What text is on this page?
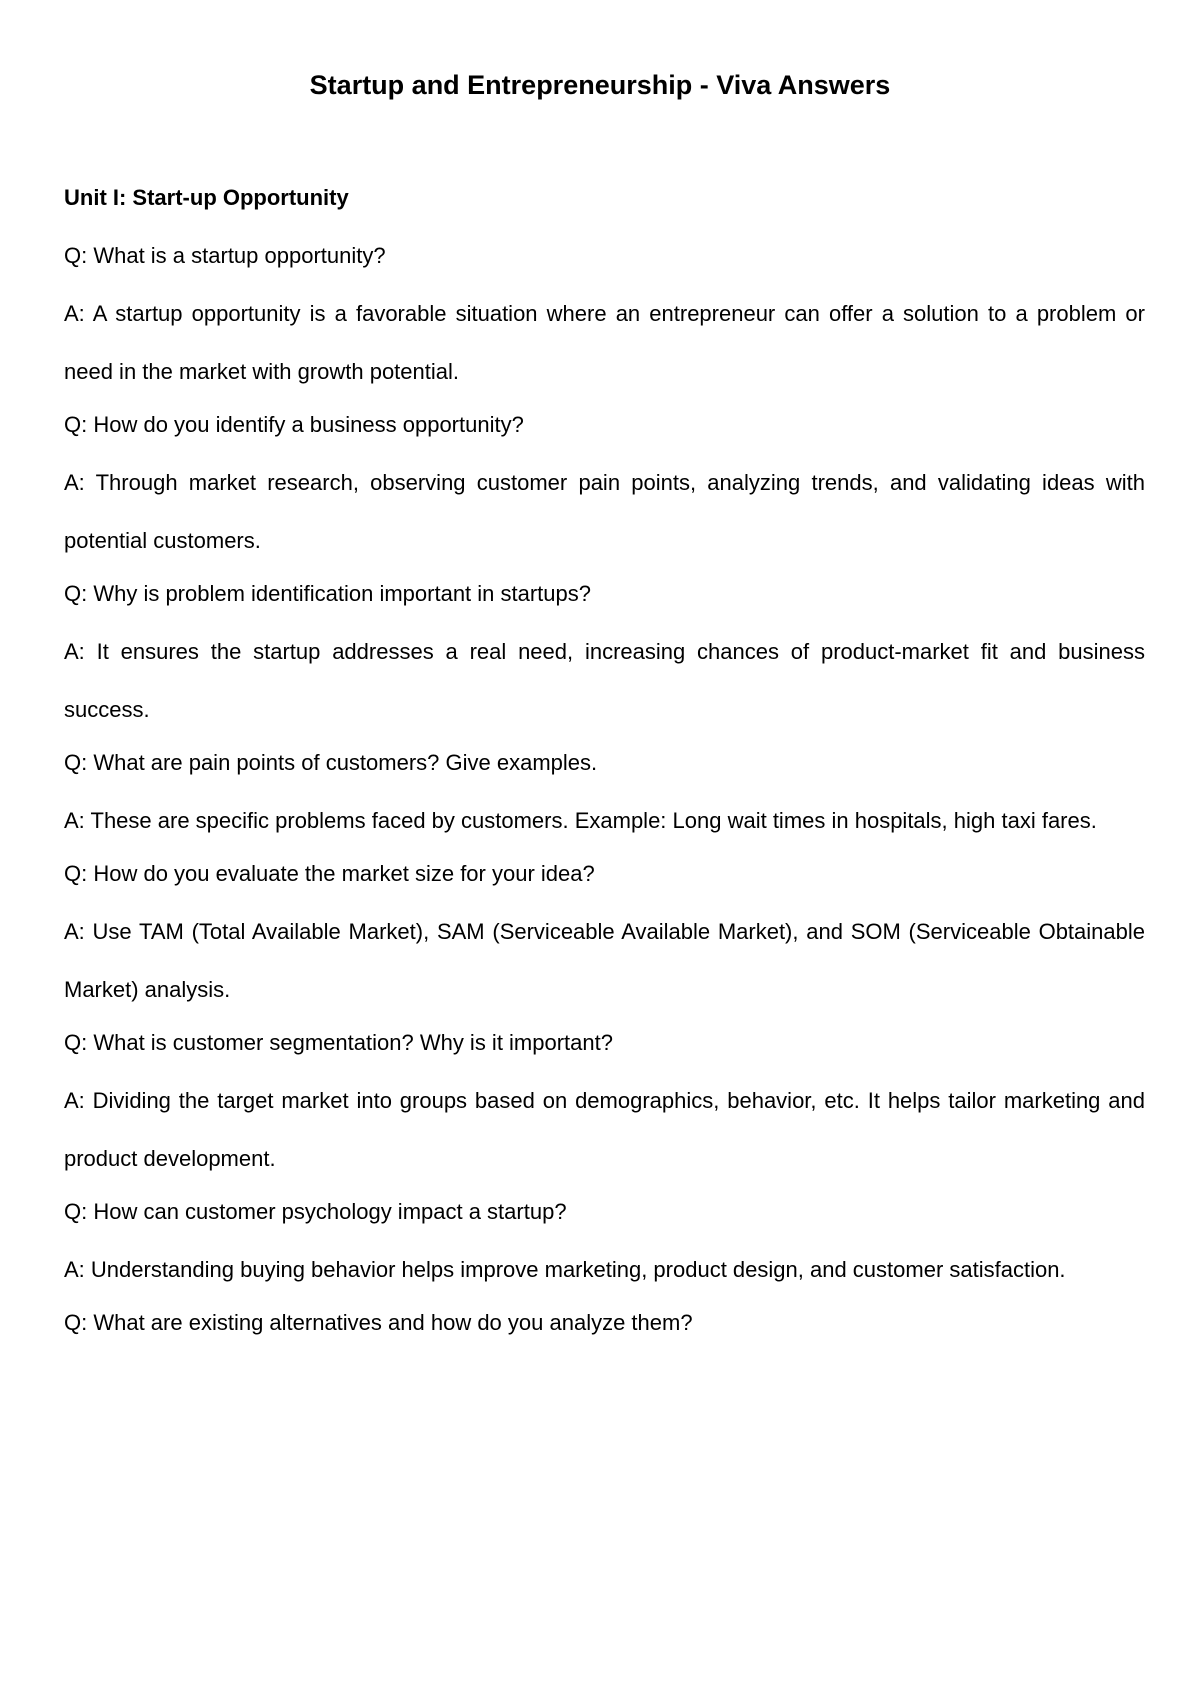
Startup and Entrepreneurship - Viva Answers
Unit I: Start-up Opportunity

Q: What is a startup opportunity?

A: A startup opportunity is a favorable situation where an entrepreneur can offer a solution to a problem or need in the market with growth potential.

Q: How do you identify a business opportunity?

A: Through market research, observing customer pain points, analyzing trends, and validating ideas with potential customers.

Q: Why is problem identification important in startups?

A: It ensures the startup addresses a real need, increasing chances of product-market fit and business success.

Q: What are pain points of customers? Give examples.

A: These are specific problems faced by customers. Example: Long wait times in hospitals, high taxi fares.

Q: How do you evaluate the market size for your idea?

A: Use TAM (Total Available Market), SAM (Serviceable Available Market), and SOM (Serviceable Obtainable Market) analysis.

Q: What is customer segmentation? Why is it important?

A: Dividing the target market into groups based on demographics, behavior, etc. It helps tailor marketing and product development.

Q: How can customer psychology impact a startup?

A: Understanding buying behavior helps improve marketing, product design, and customer satisfaction.

Q: What are existing alternatives and how do you analyze them?
